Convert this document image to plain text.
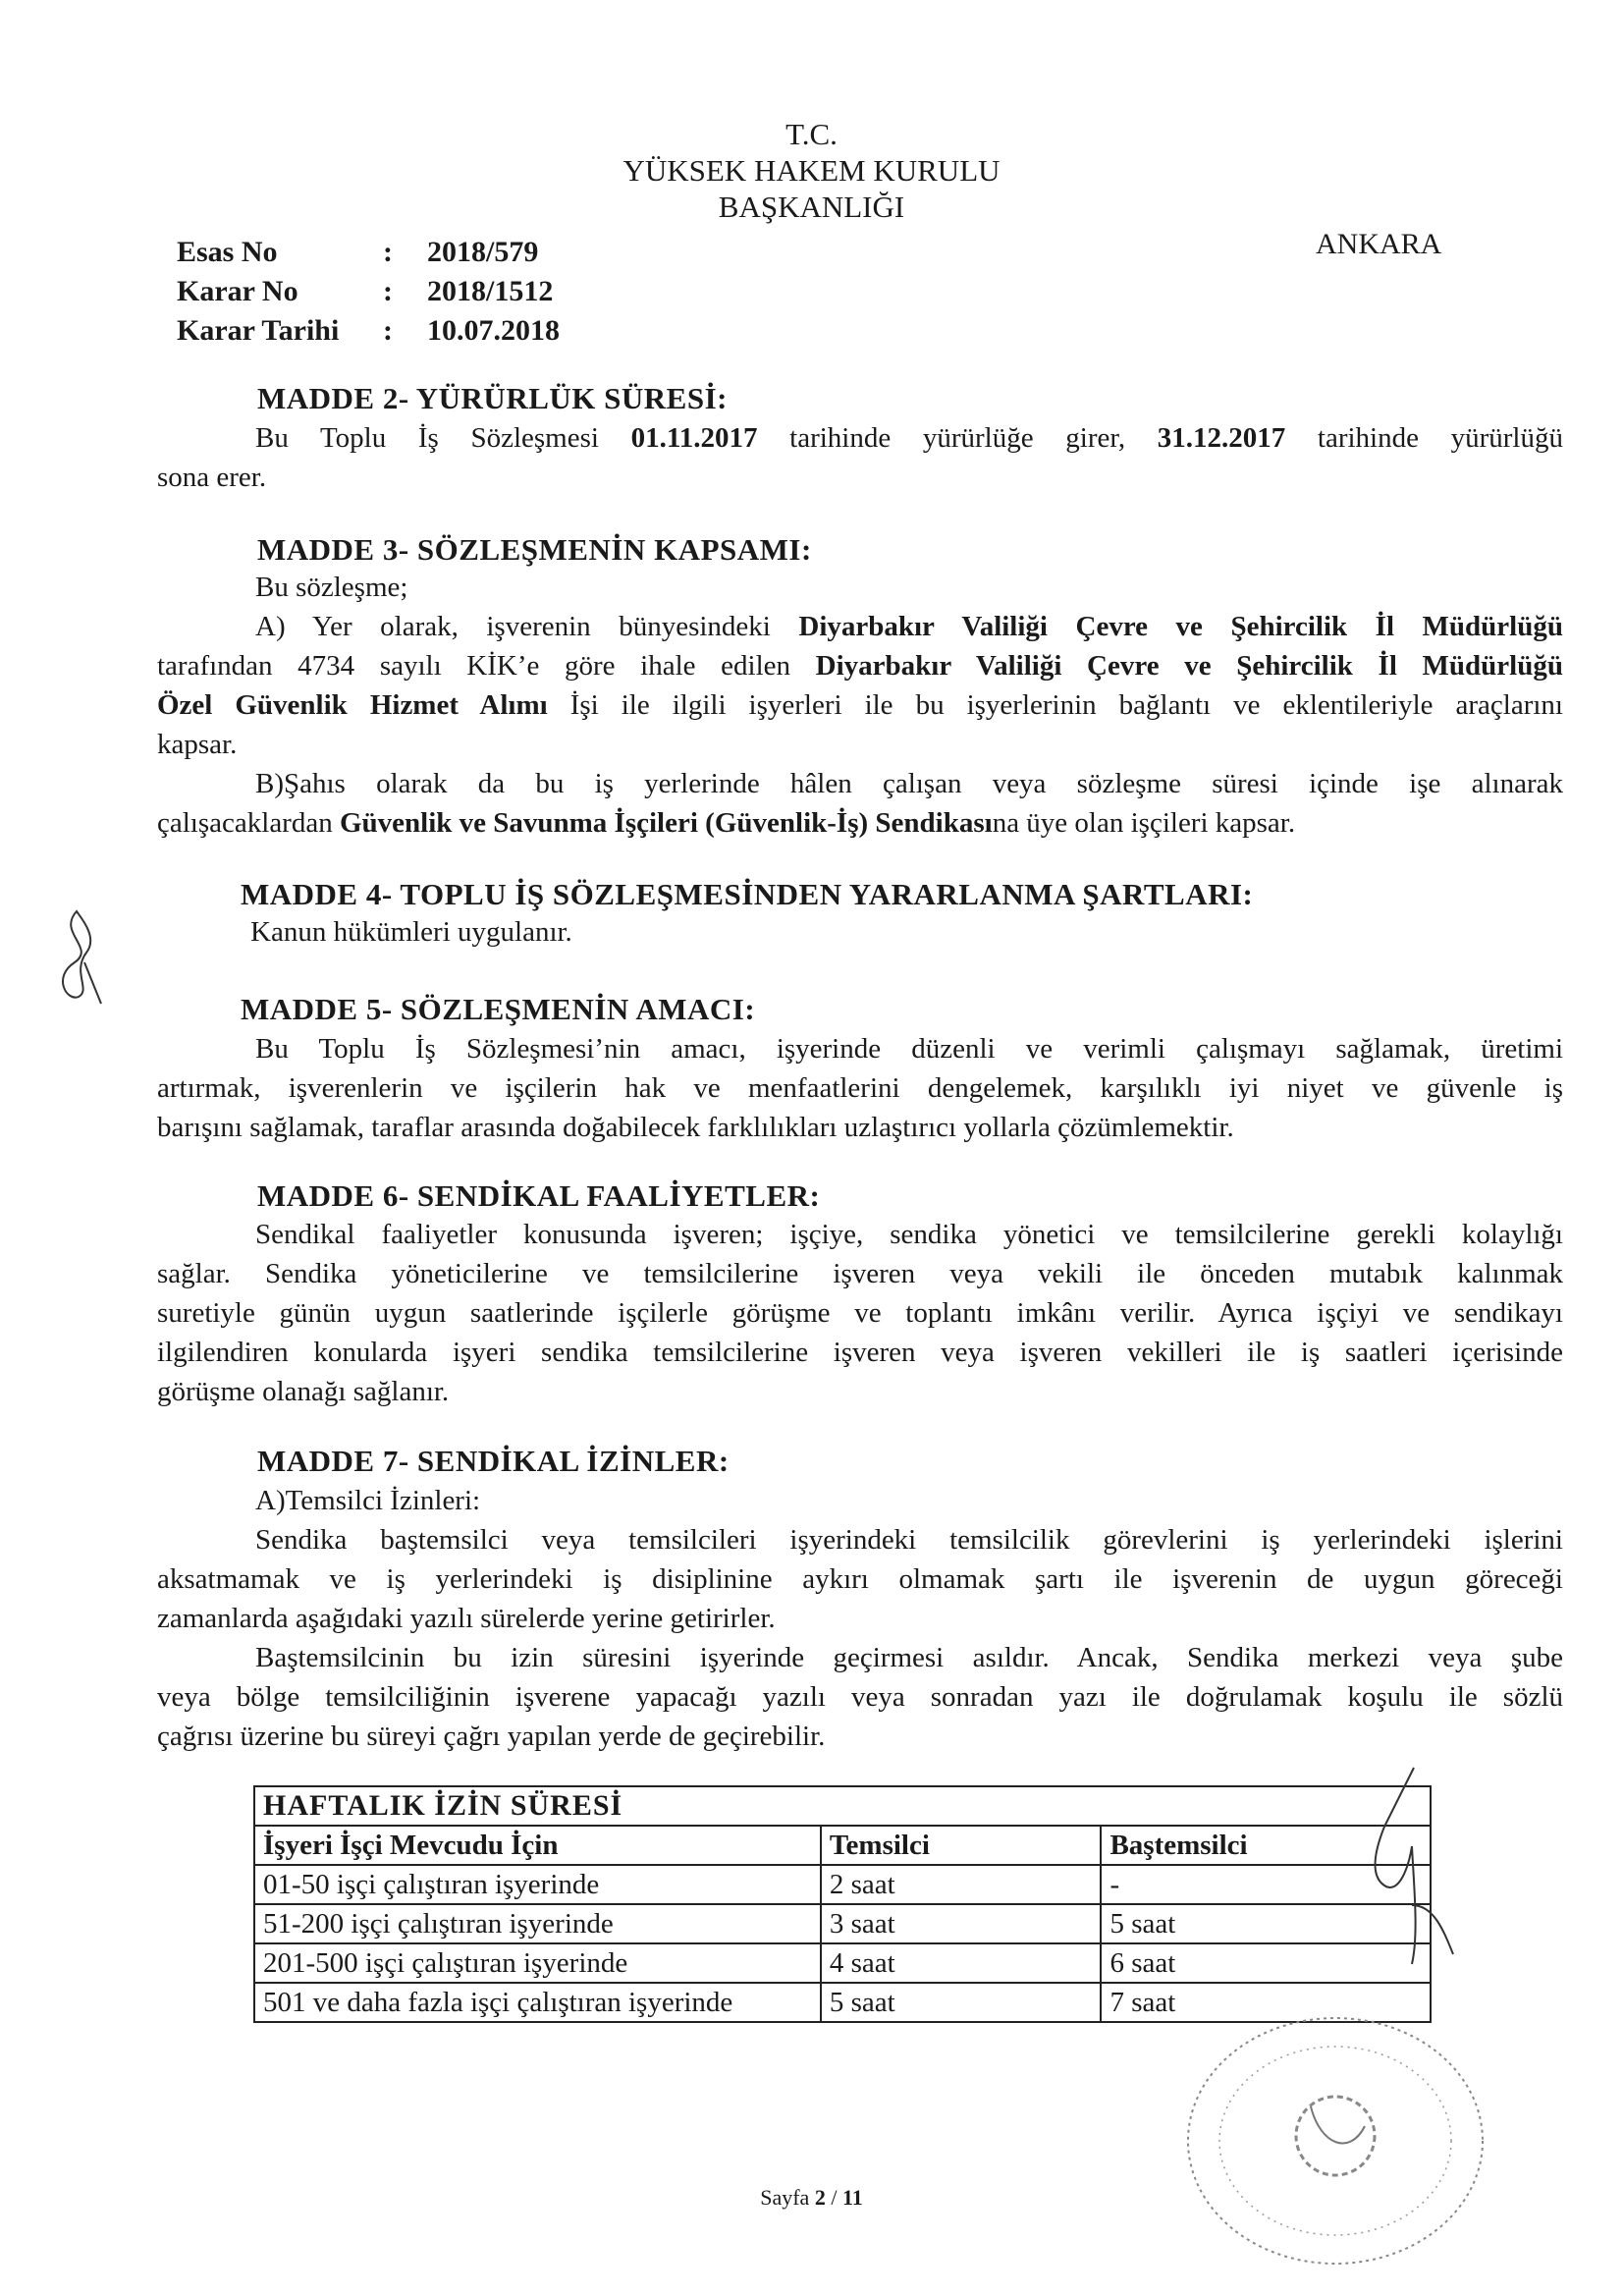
T.C.
YÜKSEK HAKEM KURULU
BAŞKANLIĞI
ANKARA
Esas No	: 2018/579
Karar No	: 2018/1512
Karar Tarihi : 10.07.2018
MADDE 2- YÜRÜRLÜK SÜRESİ:
Bu Toplu İş Sözleşmesi 01.11.2017 tarihinde yürürlüğe girer, 31.12.2017 tarihinde yürürlüğü
sona erer.
MADDE 3- SÖZLEŞMENİN KAPSAMI:
Bu sözleşme;
A) Yer olarak, işverenin bünyesindeki Diyarbakır Valiliği Çevre ve Şehircilik İl Müdürlüğü
tarafından 4734 sayılı KİK’e göre ihale edilen Diyarbakır Valiliği Çevre ve Şehircilik İl Müdürlüğü
Özel Güvenlik Hizmet Alımı İşi ile ilgili işyerleri ile bu işyerlerinin bağlantı ve eklentileriyle araçlarını
kapsar.
B)Şahıs olarak da bu iş yerlerinde hâlen çalışan veya sözleşme süresi içinde işe alınarak
çalışacaklardan Güvenlik ve Savunma İşçileri (Güvenlik-İş) Sendikasına üye olan işçileri kapsar.
MADDE 4- TOPLU İŞ SÖZLEŞMESİNDEN YARARLANMA ŞARTLARI:
Kanun hükümleri uygulanır.
MADDE 5- SÖZLEŞMENİN AMACI:
Bu Toplu İş Sözleşmesi’nin amacı, işyerinde düzenli ve verimli çalışmayı sağlamak, üretimi
artırmak, işverenlerin ve işçilerin hak ve menfaatlerini dengelemek, karşılıklı iyi niyet ve güvenle iş
barışını sağlamak, taraflar arasında doğabilecek farklılıkları uzlaştırıcı yollarla çözümlemektir.
MADDE 6- SENDİKAL FAALİYETLER:
Sendikal faaliyetler konusunda işveren; işçiye, sendika yönetici ve temsilcilerine gerekli kolaylığı
sağlar. Sendika yöneticilerine ve temsilcilerine işveren veya vekili ile önceden mutabık kalınmak
suretiyle günün uygun saatlerinde işçilerle görüşme ve toplantı imkânı verilir. Ayrıca işçiyi ve sendikayı
ilgilendiren konularda işyeri sendika temsilcilerine işveren veya işveren vekilleri ile iş saatleri içerisinde
görüşme olanağı sağlanır.
MADDE 7- SENDİKAL İZİNLER:
A)Temsilci İzinleri:
Sendika baştemsilci veya temsilcileri işyerindeki temsilcilik görevlerini iş yerlerindeki işlerini
aksatmamak ve iş yerlerindeki iş disiplinine aykırı olmamak şartı ile işverenin de uygun göreceği
zamanlarda aşağıdaki yazılı sürelerde yerine getirirler.
Baştemsilcinin bu izin süresini işyerinde geçirmesi asıldır. Ancak, Sendika merkezi veya şube
veya bölge temsilciliğinin işverene yapacağı yazılı veya sonradan yazı ile doğrulamak koşulu ile sözlü
çağrısı üzerine bu süreyi çağrı yapılan yerde de geçirebilir.
HAFTALIK İZİN SÜRESİ		
İşyeri İşçi Mevcudu İçin	Temsilci	Baştemsilci
01-50 işçi çalıştıran işyerinde	2 saat	-
51-200 işçi çalıştıran işyerinde	3 saat	5 saat
201-500 işçi çalıştıran işyerinde	4 saat	6 saat
501 ve daha fazla işçi çalıştıran işyerinde	5 saat	7 saat
Sayfa 2 / 11
